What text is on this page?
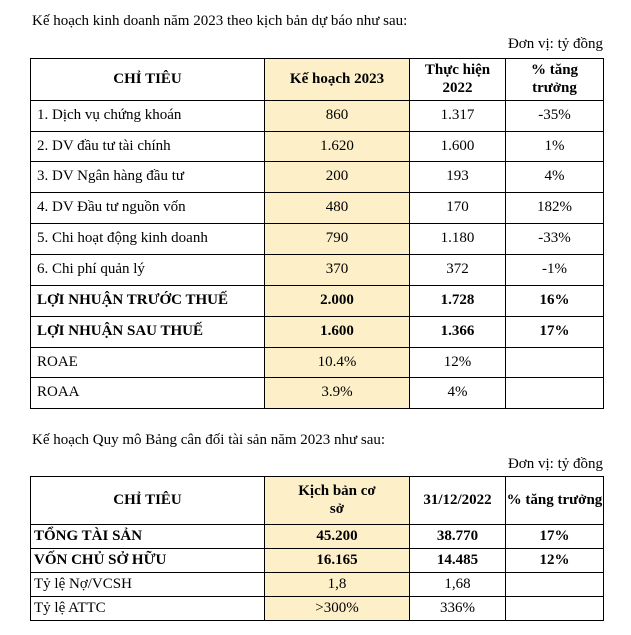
Kế hoạch kinh doanh năm 2023 theo kịch bản dự báo như sau:
Đơn vị: tỷ đồng
CHỈ TIÊU	Kế hoạch 2023	Thực hiện 2022	% tăng trưởng
1. Dịch vụ chứng khoán	860	1.317	-35%
2. DV đầu tư tài chính	1.620	1.600	1%
3. DV Ngân hàng đầu tư	200	193	4%
4. DV Đầu tư nguồn vốn	480	170	182%
5. Chi hoạt động kinh doanh	790	1.180	-33%
6. Chi phí quản lý	370	372	-1%
LỢI NHUẬN TRƯỚC THUẾ	2.000	1.728	16%
LỢI NHUẬN SAU THUẾ	1.600	1.366	17%
ROAE	10.4%	12%	
ROAA	3.9%	4%	
Kế hoạch Quy mô Bảng cân đối tài sản năm 2023 như sau:
Đơn vị: tỷ đồng
CHỈ TIÊU	Kịch bản cơ sở	31/12/2022	% tăng trưởng
TỔNG TÀI SẢN	45.200	38.770	17%
VỐN CHỦ SỞ HỮU	16.165	14.485	12%
Tỷ lệ Nợ/VCSH	1,8	1,68	
Tỷ lệ ATTC	>300%	336%	
